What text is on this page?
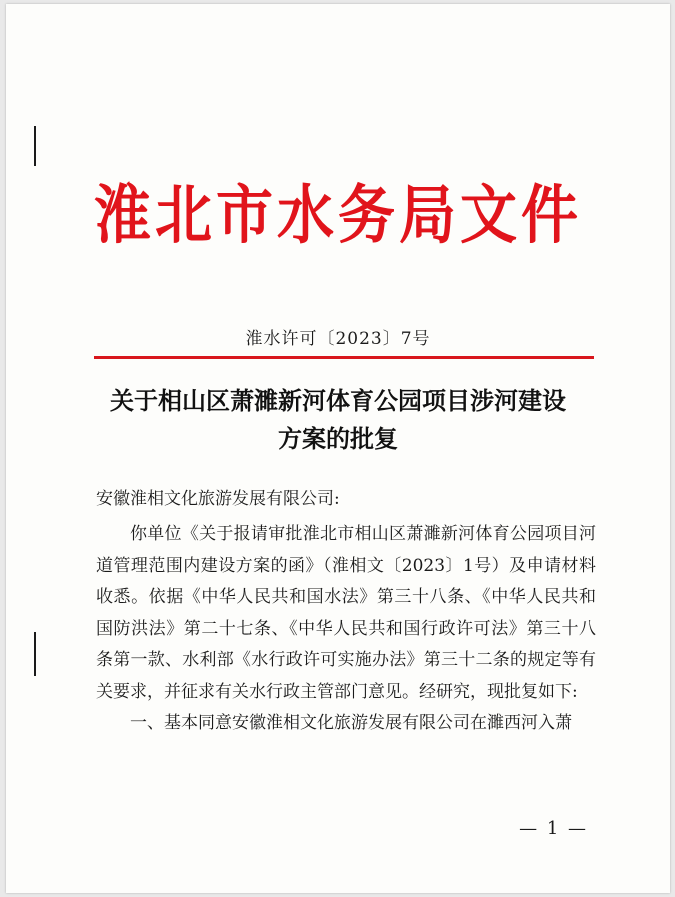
淮北市水务局文件
淮水许可〔2023〕7号
关于相山区萧濉新河体育公园项目涉河建设
方案的批复
安徽淮相文化旅游发展有限公司:

你单位《关于报请审批淮北市相山区萧濉新河体育公园项目河道管理范围内建设方案的函》（淮相文〔2023〕1号）及申请材料收悉。依据《中华人民共和国水法》第三十八条、《中华人民共和国防洪法》第二十七条、《中华人民共和国行政许可法》第三十八条第一款、水利部《水行政许可实施办法》第三十二条的规定等有关要求，并征求有关水行政主管部门意见。经研究，现批复如下:

一、基本同意安徽淮相文化旅游发展有限公司在濉西河入萧

— 1 —
